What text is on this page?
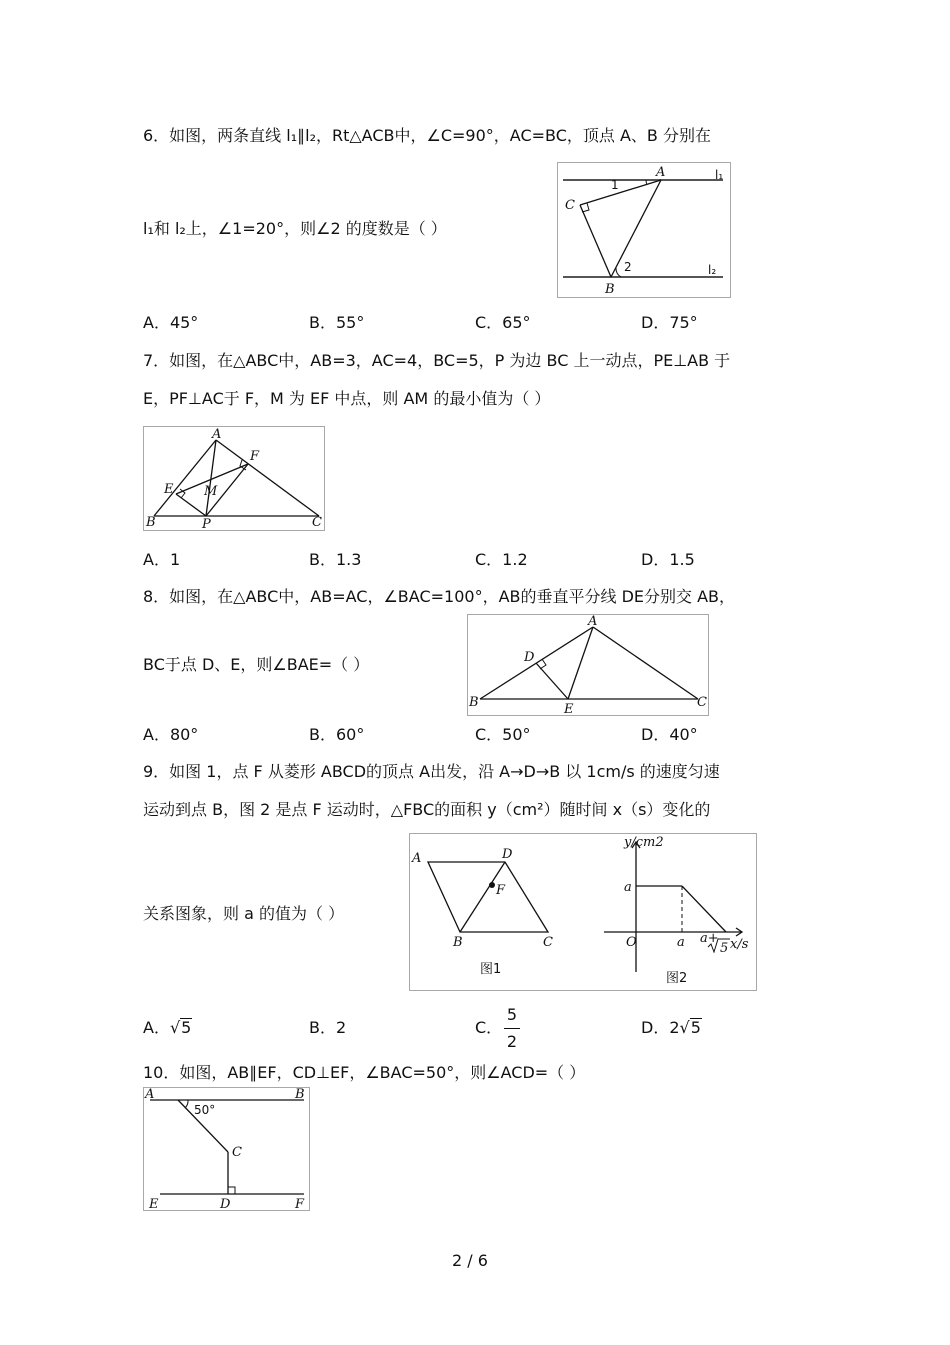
6．如图，两条直线 l₁∥l₂，Rt△ACB中，∠C=90°，AC=BC，顶点 A、B 分别在
A
C
1
2
B
l₁
l₂
l₁和 l₂上，∠1=20°，则∠2 的度数是（ ）
A．45°	B．55°	C．65°	D．75°
7．如图，在△ABC中，AB=3，AC=4，BC=5，P 为边 BC 上一动点，PE⊥AB 于
E，PF⊥AC于 F，M 为 EF 中点，则 AM 的最小值为（ ）
A
F
E M
B	P	C
A．1	B．1.3	C．1.2	D．1.5
8．如图，在△ABC中，AB=AC，∠BAC=100°，AB的垂直平分线 DE分别交 AB，
A
D
B	E	C
BC于点 D、E，则∠BAE=（ ）
A．80°	B．60°	C．50°	D．40°
9．如图 1，点 F 从菱形 ABCD的顶点 A出发，沿 A→D→B 以 1cm/s 的速度匀速
运动到点 B，图 2 是点 F 运动时，△FBC的面积 y（cm²）随时间 x（s）变化的
A	D
F
B	C
图1
y/cm2
a
O	a a+
5 x/s
图2
关系图象，则 a 的值为（ ）
A．√5	B．2	C．
5
2
D．2√5
10．如图，AB∥EF，CD⊥EF，∠BAC=50°，则∠ACD=（ ）
A	B
50°
C
E	D	F
2 / 6
